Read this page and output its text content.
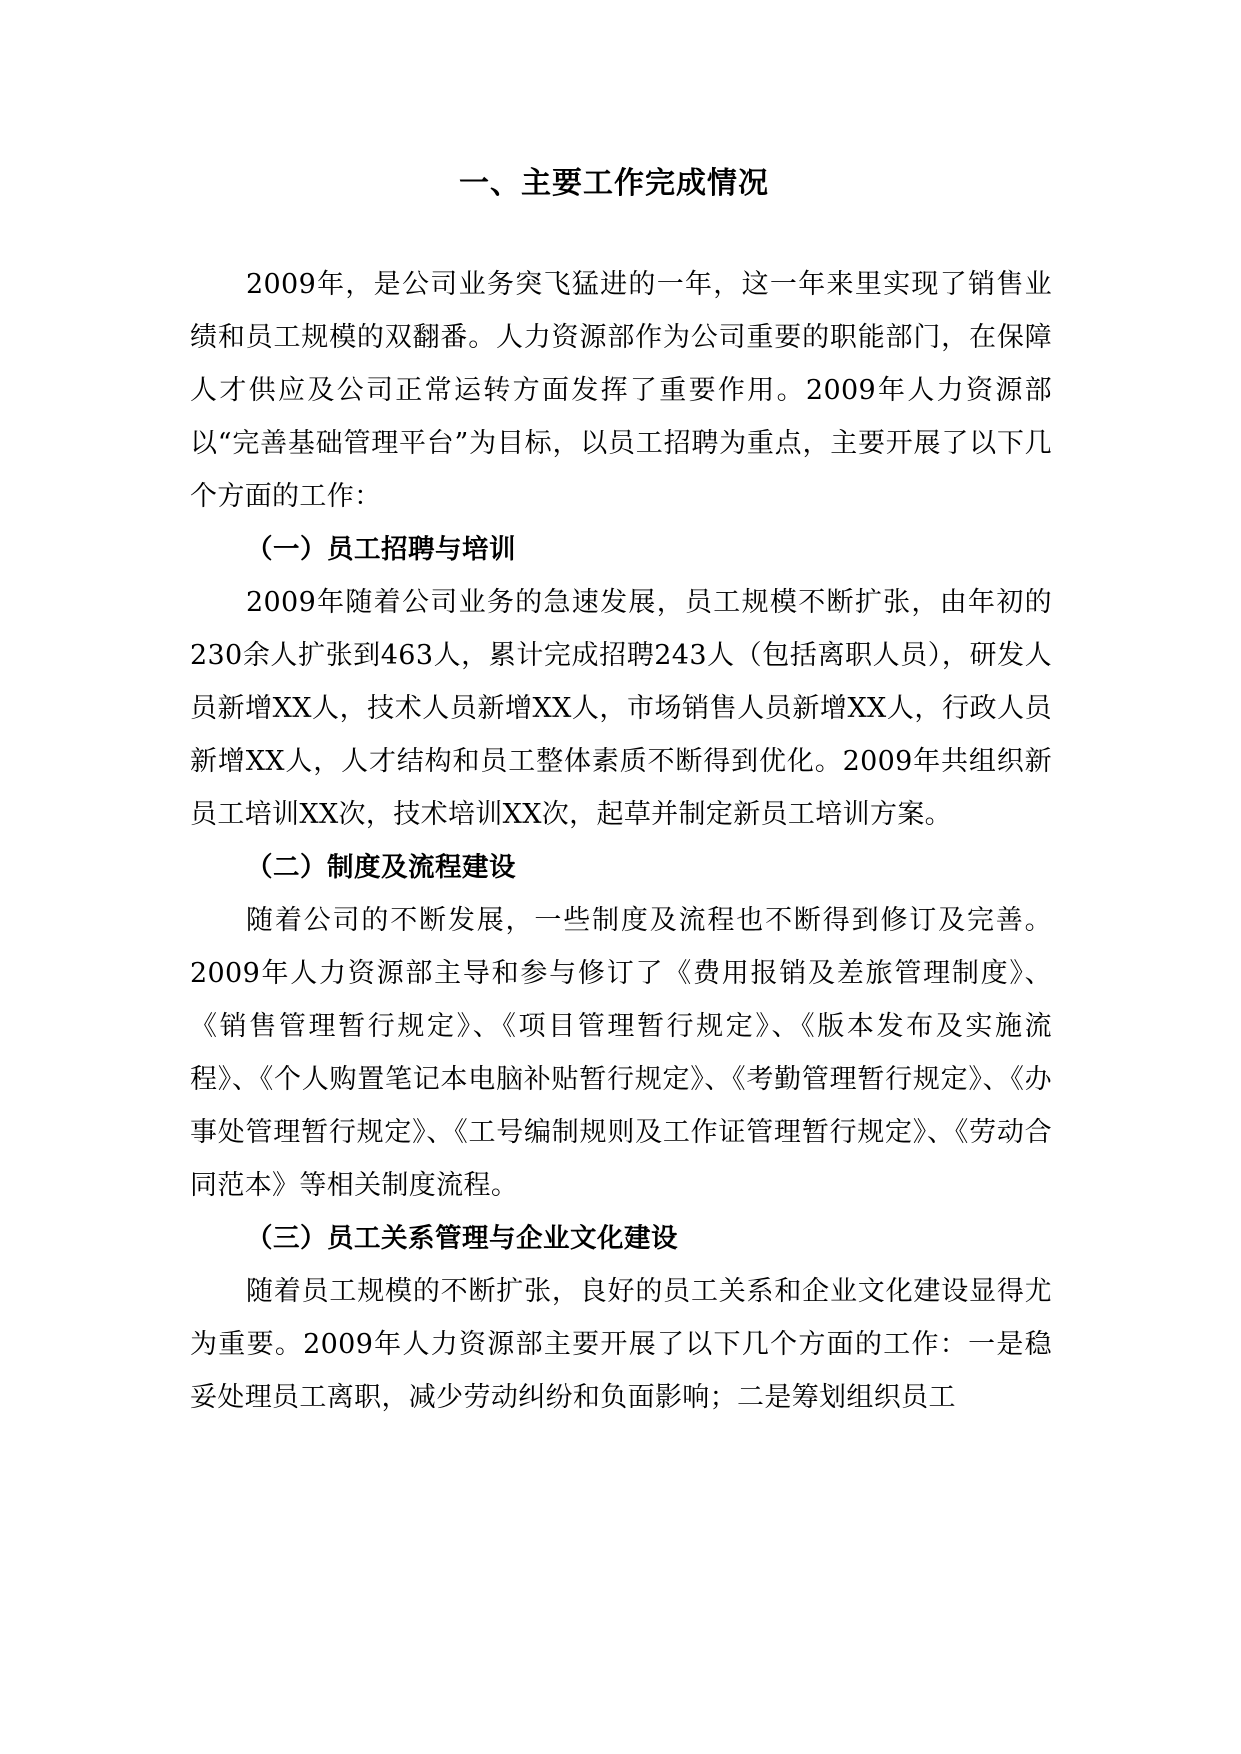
一、主要工作完成情况

2009年，是公司业务突飞猛进的一年，这一年来里实现了销售业绩和员工规模的双翻番。人力资源部作为公司重要的职能部门，在保障人才供应及公司正常运转方面发挥了重要作用。2009年人力资源部以“完善基础管理平台”为目标，以员工招聘为重点，主要开展了以下几个方面的工作：

（一）员工招聘与培训

2009年随着公司业务的急速发展，员工规模不断扩张，由年初的230余人扩张到463人，累计完成招聘243人（包括离职人员），研发人员新增XX人，技术人员新增XX人，市场销售人员新增XX人，行政人员新增XX人，人才结构和员工整体素质不断得到优化。2009年共组织新员工培训XX次，技术培训XX次，起草并制定新员工培训方案。

（二）制度及流程建设

随着公司的不断发展，一些制度及流程也不断得到修订及完善。2009年人力资源部主导和参与修订了《费用报销及差旅管理制度》、《销售管理暂行规定》、《项目管理暂行规定》、《版本发布及实施流程》、《个人购置笔记本电脑补贴暂行规定》、《考勤管理暂行规定》、《办事处管理暂行规定》、《工号编制规则及工作证管理暂行规定》、《劳动合同范本》等相关制度流程。

（三）员工关系管理与企业文化建设

随着员工规模的不断扩张，良好的员工关系和企业文化建设显得尤为重要。2009年人力资源部主要开展了以下几个方面的工作：一是稳妥处理员工离职，减少劳动纠纷和负面影响；二是筹划组织员工
